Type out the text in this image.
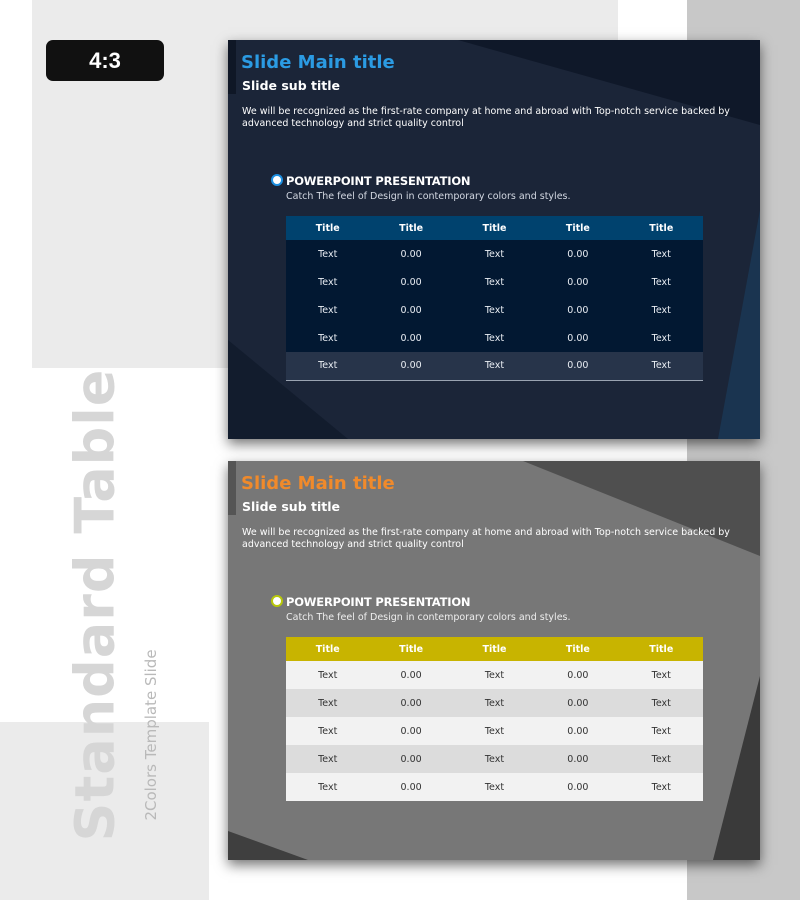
4:3
Standard Table 2Colors Template Slide
Slide Main title
Slide sub title
We will be recognized as the first-rate company at home and abroad with Top-notch service backed by advanced technology and strict quality control
POWERPOINT PRESENTATION
Catch The feel of Design in contemporary colors and styles.
Title	Title	Title	Title	Title
Text	0.00	Text	0.00	Text
Text	0.00	Text	0.00	Text
Text	0.00	Text	0.00	Text
Text	0.00	Text	0.00	Text
Text	0.00	Text	0.00	Text
Slide Main title
Slide sub title
We will be recognized as the first-rate company at home and abroad with Top-notch service backed by advanced technology and strict quality control
POWERPOINT PRESENTATION
Catch The feel of Design in contemporary colors and styles.
Title	Title	Title	Title	Title
Text	0.00	Text	0.00	Text
Text	0.00	Text	0.00	Text
Text	0.00	Text	0.00	Text
Text	0.00	Text	0.00	Text
Text	0.00	Text	0.00	Text
